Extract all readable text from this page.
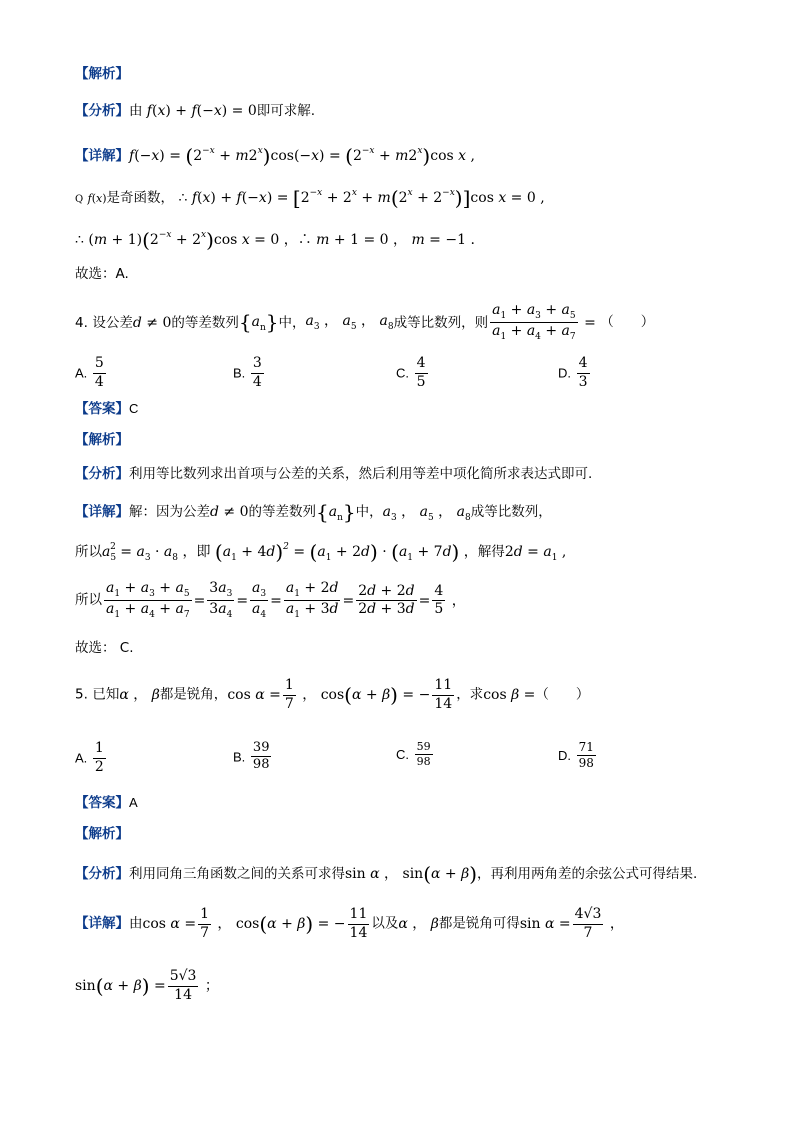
【解析】
【分析】由 f(x) + f(−x) = 0即可求解.
【详解】$f(-x) = (2^{-x} + m2^x)\cos(-x) = (2^{-x} + m2^x)\cos$ x ,
Q f(x)是奇函数， ∴ $f(x) + f(-x) = [2^{-x} + 2^x + m(2^x + 2^{-x})]\cos$ x = 0 ,
∴ $(m + 1)(2^{-x} + 2^x)\cos$ x = 0 ，∴ m + 1 = 0 ， m = −1 .
故选：A.
4. 设公差d ≠ 0的等差数列$\{a_n\}$中，$a_3$ ， $a_5$ ， $a_8$成等比数列，则 $\frac{a_1 + a_3 + a_5}{a_1 + a_4 + a_7}$ = （　　）
A. $\frac{5}{4}$	B. $\frac{3}{4}$	C. $\frac{4}{5}$	D. $\frac{4}{3}$
【答案】C
【解析】
【分析】利用等比数列求出首项与公差的关系，然后利用等差中项化简所求表达式即可.
【详解】解：因为公差d ≠ 0的等差数列$\{a_n\}$中，$a_3$ ， $a_5$ ， $a_8$成等比数列，
所以$a_5^2 = a_3 \cdot a_8$ ，即 $(a_1 + 4d)^2 = (a_1 + 2d) \cdot (a_1 + 7d)$ ，解得$2d = a_1$ ,
所以 $\frac{a_1 + a_3 + a_5}{a_1 + a_4 + a_7} = \frac{3a_3}{3a_4} = \frac{a_3}{a_4} = \frac{a_1 + 2d}{a_1 + 3d} = \frac{2d + 2d}{2d + 3d} = \frac{4}{5}$ ，
故选： C.
5. 已知α ， β都是锐角，$\cos \alpha = \frac{1}{7}$ ， cos(α + β) = − $\frac{11}{14}$ ，求cos β =（　　）
A. $\frac{1}{2}$	B. $\frac{39}{98}$	C. $\frac{59}{98}$	D. $\frac{71}{98}$
【答案】A
【解析】
【分析】利用同角三角函数之间的关系可求得sin α ， sin(α + β)，再利用两角差的余弦公式可得结果.
【详解】由$\cos \alpha = \frac{1}{7}$ ， cos(α + β) = − $\frac{11}{14}$ 以及α ， β都是锐角可得$\sin \alpha = \frac{4√3}{7}$ ，
$\sin(\alpha + \beta) = \frac{5√3}{14}$ ；
